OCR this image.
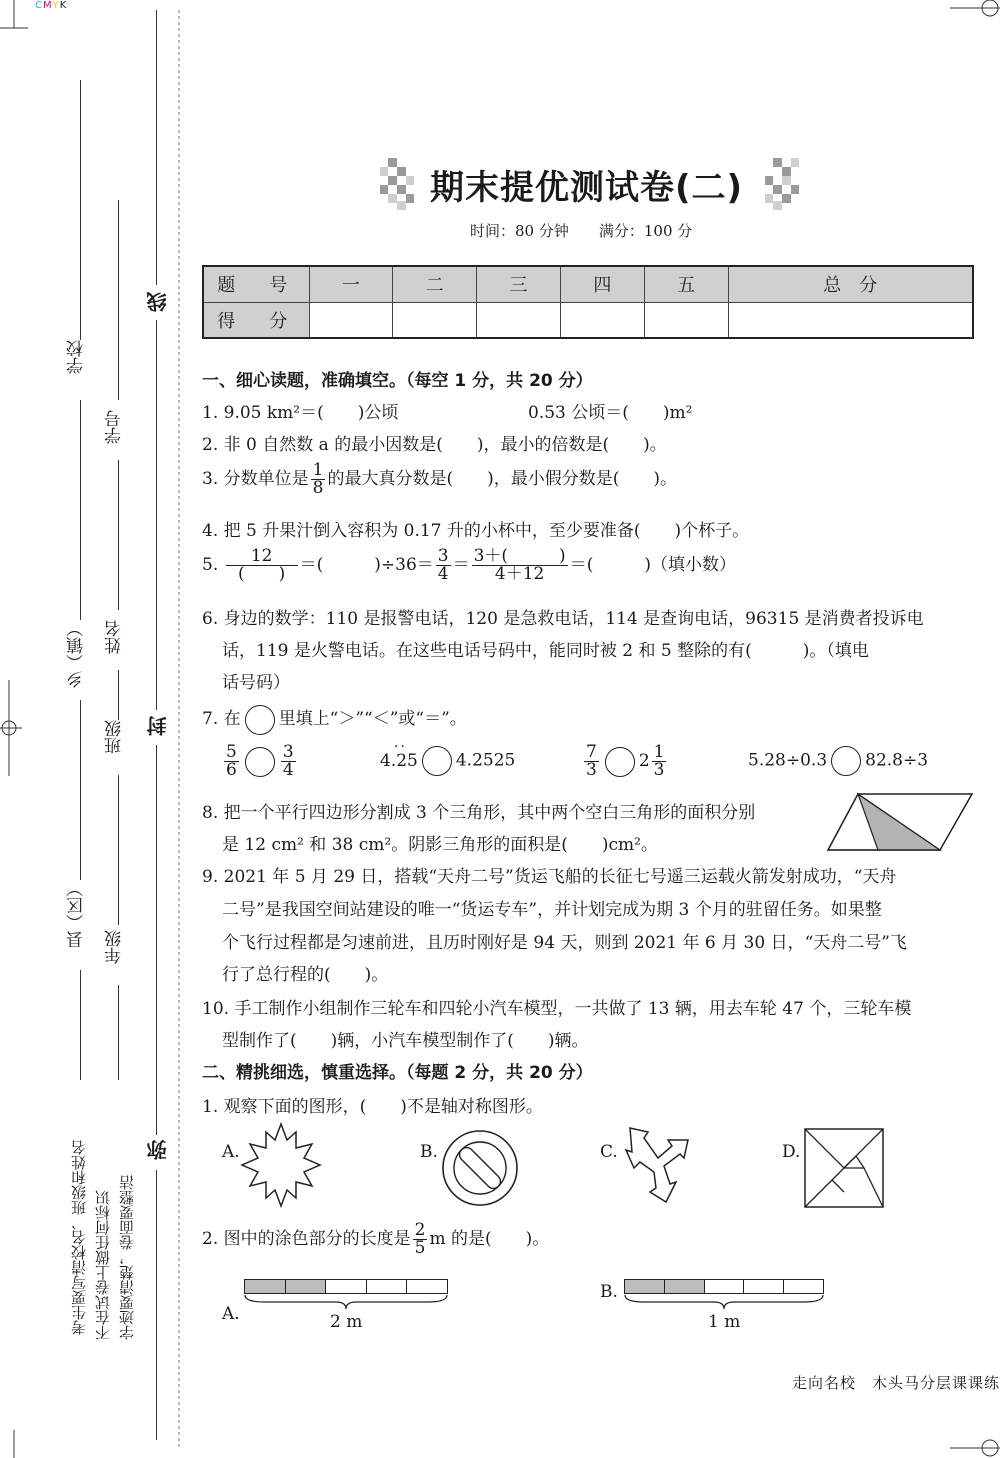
CMYK
学校
乡（镇）
县（区）
学号
姓名
班级
年级
线
封
弥
考生要写清校名、班级和姓名 不在试卷上做任何标识 字迹要清楚，卷面要整洁
期末提优测试卷(二)
时间：80 分钟　　满分：100 分
题　号	一	二	三	四	五	总　分
得　分						
一、细心读题，准确填空。（每空 1 分，共 20 分）
1. 9.05 km²＝(　　)公顷	0.53 公顷＝(　　)m²
2. 非 0 自然数 a 的最小因数是(　　)，最小的倍数是(　　)。
3. 分数单位是 $\frac{1}{8}$ 的最大真分数是(　　)，最小假分数是(　　)。
4. 把 5 升果汁倒入容积为 0.17 升的小杯中，至少要准备(　　)个杯子。
5. $\frac{12}{( )}$ ＝(　　　)$\div 36= \frac{3}{4} = \frac{3+( )}{4+12}$ ＝(　　　)（填小数）
6. 身边的数学：110 是报警电话，120 是急救电话，114 是查询电话，96315 是消费者投诉电
话，119 是火警电话。在这些电话号码中，能同时被 2 和 5 整除的有(　　　)。（填电
话号码）
7. 在 里填上“＞”“＜”或“＝”。
$\frac{5}{6} \frac{3}{4}$	··
4.25 4.2525	$\frac{7}{3} 2 \frac{1}{3}$	5.28÷0.3 82.8÷3
8. 把一个平行四边形分割成 3 个三角形，其中两个空白三角形的面积分别
是 12 cm² 和 38 cm²。阴影三角形的面积是(　　)cm²。
9. 2021 年 5 月 29 日，搭载“天舟二号”货运飞船的长征七号遥三运载火箭发射成功，“天舟
二号”是我国空间站建设的唯一“货运专车”，并计划完成为期 3 个月的驻留任务。如果整
个飞行过程都是匀速前进，且历时刚好是 94 天，则到 2021 年 6 月 30 日，“天舟二号”飞
行了总行程的(　　)。
10. 手工制作小组制作三轮车和四轮小汽车模型，一共做了 13 辆，用去车轮 47 个，三轮车模
型制作了(　　)辆，小汽车模型制作了(　　)辆。
二、精挑细选，慎重选择。（每题 2 分，共 20 分）
1. 观察下面的图形，(　　)不是轴对称图形。
A.	B.	C.	D.
2. 图中的涂色部分的长度是 $\frac{2}{5}$ m 的是(　　)。
A.	2 m
B.
1 m
走向名校　木头马分层课课练
